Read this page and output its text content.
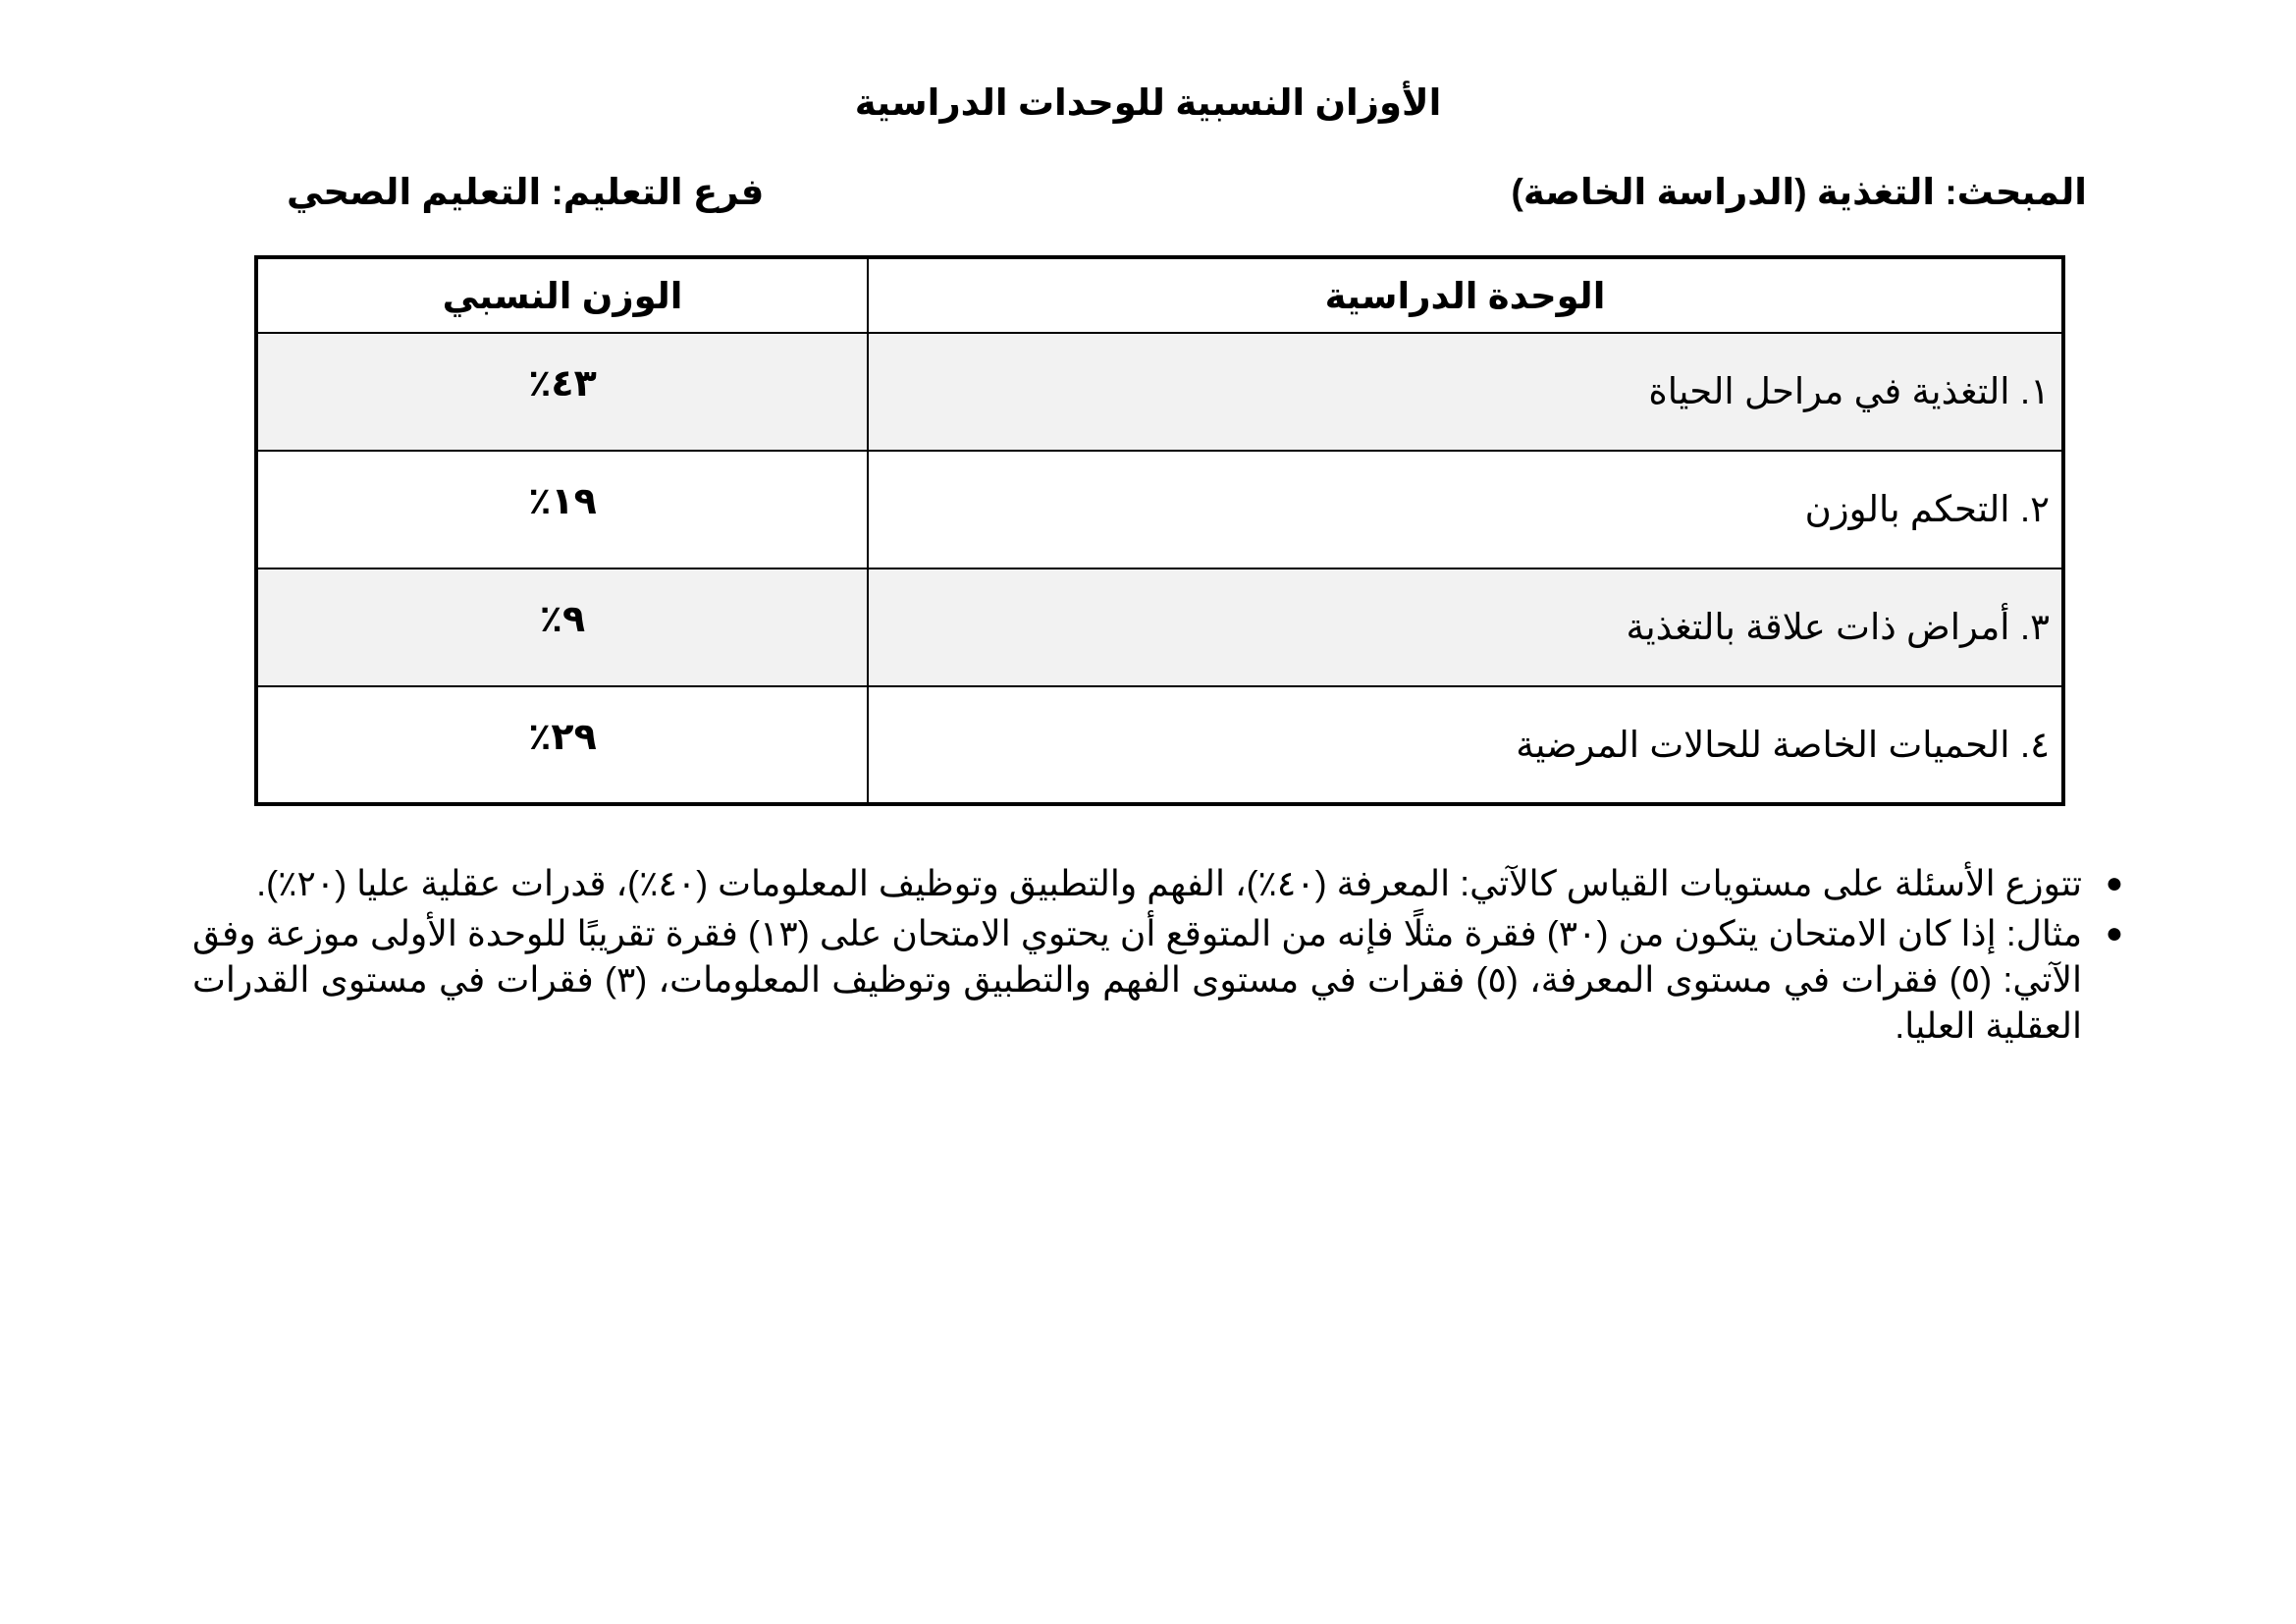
الأوزان النسبية للوحدات الدراسية
المبحث: التغذية (الدراسة الخاصة)
فرع التعليم: التعليم الصحي
الوحدة الدراسية	الوزن النسبي
١. التغذية في مراحل الحياة	٤٣٪
٢. التحكم بالوزن	١٩٪
٣. أمراض ذات علاقة بالتغذية	٩٪
٤. الحميات الخاصة للحالات المرضية	٢٩٪
●
تتوزع الأسئلة على مستويات القياس كالآتي: المعرفة (٤٠٪)، الفهم والتطبيق وتوظيف المعلومات (٤٠٪)، قدرات عقلية عليا (٢٠٪).
●
مثال: إذا كان الامتحان يتكون من (٣٠) فقرة مثلًا فإنه من المتوقع أن يحتوي الامتحان على (١٣) فقرة تقريبًا للوحدة الأولى موزعة وفق الآتي: (٥) فقرات في مستوى المعرفة، (٥) فقرات في مستوى الفهم والتطبيق وتوظيف المعلومات، (٣) فقرات في مستوى القدرات العقلية العليا.
